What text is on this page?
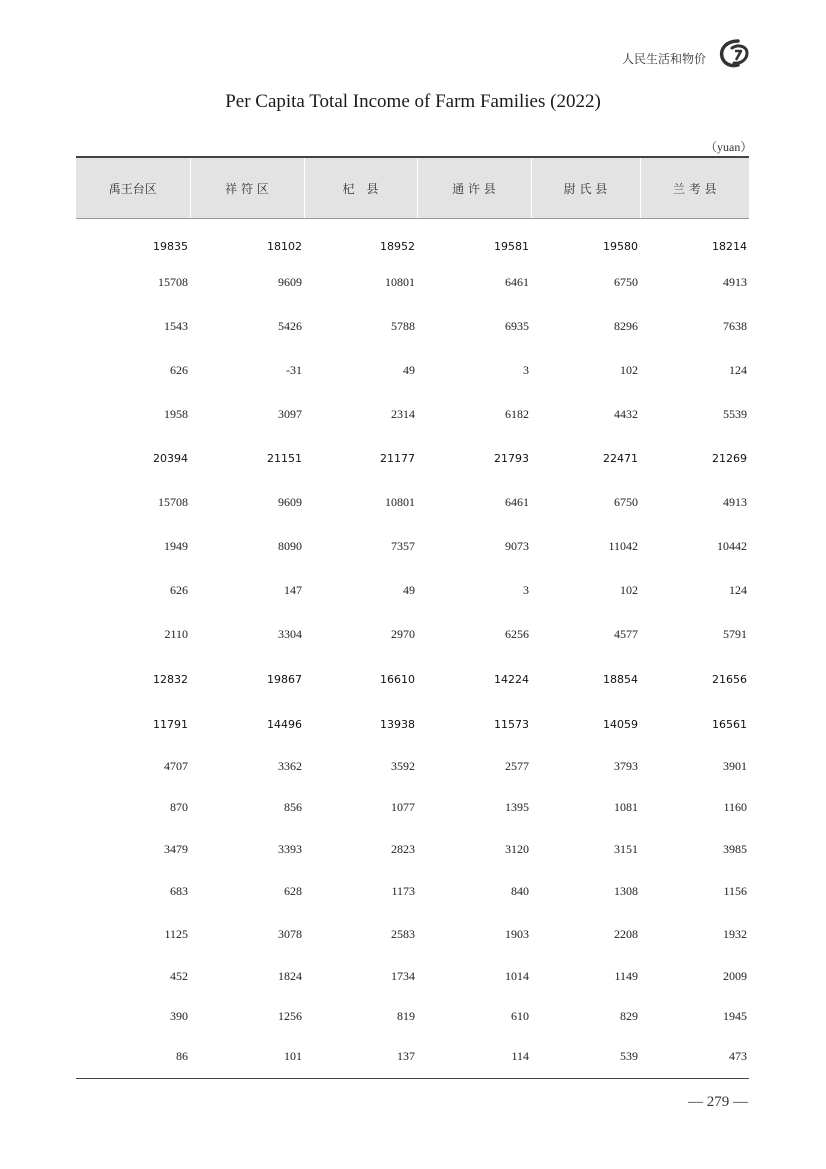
人民生活和物价
Per Capita Total Income of Farm Families (2022)
（yuan）
禹王台区	祥 符 区	杞　县	通 许 县	尉 氏 县	兰 考 县
19835	18102	18952	19581	19580	18214
15708	9609	10801	6461	6750	4913
1543	5426	5788	6935	8296	7638
626	-31	49	3	102	124
1958	3097	2314	6182	4432	5539
20394	21151	21177	21793	22471	21269
15708	9609	10801	6461	6750	4913
1949	8090	7357	9073	11042	10442
626	147	49	3	102	124
2110	3304	2970	6256	4577	5791
12832	19867	16610	14224	18854	21656
11791	14496	13938	11573	14059	16561
4707	3362	3592	2577	3793	3901
870	856	1077	1395	1081	1160
3479	3393	2823	3120	3151	3985
683	628	1173	840	1308	1156
1125	3078	2583	1903	2208	1932
452	1824	1734	1014	1149	2009
390	1256	819	610	829	1945
86	101	137	114	539	473
— 279 —
